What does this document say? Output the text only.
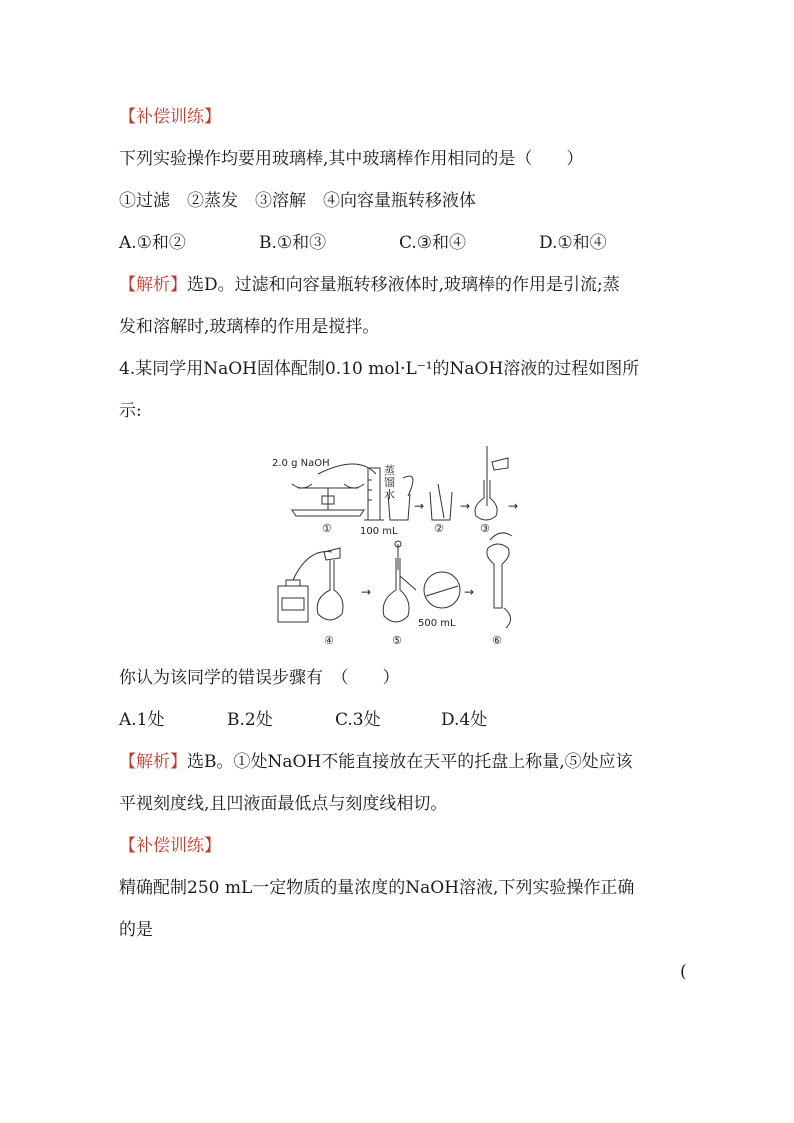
【补偿训练】
下列实验操作均要用玻璃棒,其中玻璃棒作用相同的是（　　）
①过滤　②蒸发　③溶解　④向容量瓶转移液体
A.①和②	B.①和③	C.③和④	D.①和④
【解析】选D。过滤和向容量瓶转移液体时,玻璃棒的作用是引流;蒸
发和溶解时,玻璃棒的作用是搅拌。
4.某同学用NaOH固体配制0.10 mol·L⁻¹的NaOH溶液的过程如图所
示:
2.0 g NaOH
蒸
馏
水
100 mL
①
→
②
→
③
→
→	→
500 mL
④	⑤	⑥
你认为该同学的错误步骤有　（　　）
A.1处	B.2处	C.3处	D.4处
【解析】选B。①处NaOH不能直接放在天平的托盘上称量,⑤处应该
平视刻度线,且凹液面最低点与刻度线相切。
【补偿训练】
精确配制250 mL一定物质的量浓度的NaOH溶液,下列实验操作正确
的是
(
